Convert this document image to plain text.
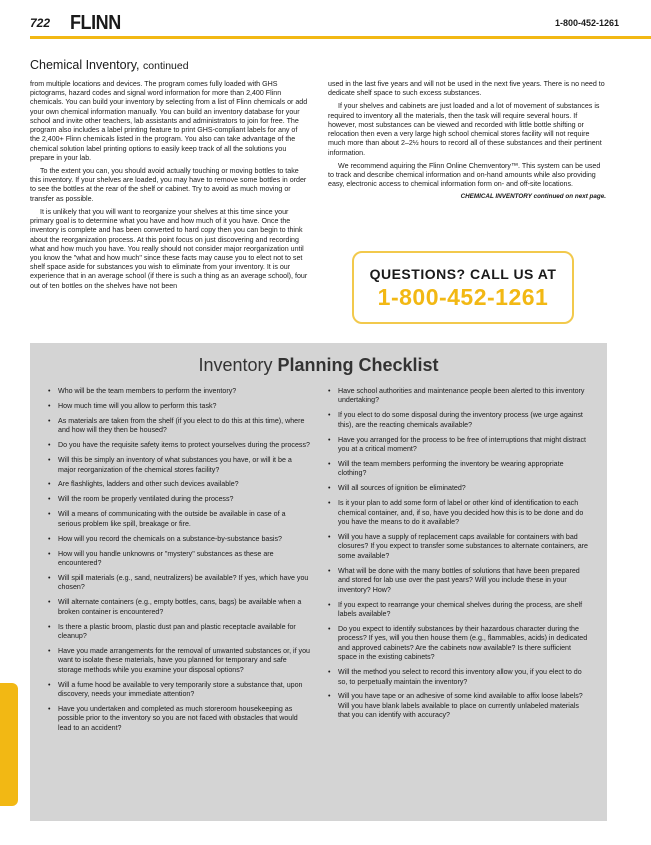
722 FLINN	1-800-452-1261
Chemical Inventory, continued

from multiple locations and devices. The program comes fully loaded with GHS pictograms, hazard codes and signal word information for more than 2,400 Flinn chemicals. You can build your inventory by selecting from a list of Flinn chemicals or add your own chemical information manually. You can build an inventory database for your school and invite other teachers, lab assistants and administrators to join for free. The program also includes a label printing feature to print GHS-compliant labels for any of the 2,400+ Flinn chemicals listed in the program. You also can take advantage of the chemical solution label printing options to easily keep track of all the solutions you prepare in your lab.

To the extent you can, you should avoid actually touching or moving bottles to take this inventory. If your shelves are loaded, you may have to remove some bottles in order to see the bottles at the rear of the shelf or cabinet. Try to avoid as much moving or transfer as possible.

It is unlikely that you will want to reorganize your shelves at this time since your primary goal is to determine what you have and how much of it you have. Once the inventory is complete and has been converted to hard copy then you can begin to think about the reorganization process. At this point focus on just discovering and recording what and how much you have. You really should not consider major reorganization until you know the "what and how much" since these facts may cause you to elect not to set shelf space aside for substances you wish to eliminate from your inventory. It is our experience that in an average school (if there is such a thing as an average school), four out of ten bottles on the shelves have not been

used in the last five years and will not be used in the next five years. There is no need to dedicate shelf space to such excess substances.

If your shelves and cabinets are just loaded and a lot of movement of substances is required to inventory all the materials, then the task will require several hours. If however, most substances can be viewed and recorded with little bottle shifting or relocation then even a very large high school chemical stores facility will not require much more than about 2–2½ hours to record all of these substances and their pertinent information.

We recommend aquiring the Flinn Online Chemventory™. This system can be used to track and describe chemical information and on-hand amounts while also providing easy, electronic access to chemical information form on- and off-site locations.

CHEMICAL INVENTORY continued on next page.
QUESTIONS? CALL US AT
1-800-452-1261
Inventory Planning Checklist
• Who will be the team members to perform the inventory?
• How much time will you allow to perform this task?
• As materials are taken from the shelf (if you elect to do this at this time), where and how will they then be housed?
• Do you have the requisite safety items to protect yourselves during the process?
• Will this be simply an inventory of what substances you have, or will it be a major reorganization of the chemical stores facility?
• Are flashlights, ladders and other such devices available?
• Will the room be properly ventilated during the process?
• Will a means of communicating with the outside be available in case of a serious problem like spill, breakage or fire.
• How will you record the chemicals on a substance-by-substance basis?
• How will you handle unknowns or "mystery" substances as these are encountered?
• Will spill materials (e.g., sand, neutralizers) be available? If yes, which have you chosen?
• Will alternate containers (e.g., empty bottles, cans, bags) be available when a broken container is encountered?
• Is there a plastic broom, plastic dust pan and plastic receptacle available for cleanup?
• Have you made arrangements for the removal of unwanted substances or, if you want to isolate these materials, have you planned for temporary and safe storage methods while you examine your disposal options?
• Will a fume hood be available to very temporarily store a substance that, upon discovery, needs your immediate attention?
• Have you undertaken and completed as much storeroom housekeeping as possible prior to the inventory so you are not faced with obstacles that would lead to an accident?
• Have school authorities and maintenance people been alerted to this inventory undertaking?
• If you elect to do some disposal during the inventory process (we urge against this), are the reacting chemicals available?
• Have you arranged for the process to be free of interruptions that might distract you at a critical moment?
• Will the team members performing the inventory be wearing appropriate clothing?
• Will all sources of ignition be eliminated?
• Is it your plan to add some form of label or other kind of identification to each chemical container, and, if so, have you decided how this is to be done and do you have the means to do it available?
• Will you have a supply of replacement caps available for containers with bad closures? If you expect to transfer some substances to alternate containers, are some available?
• What will be done with the many bottles of solutions that have been prepared and stored for lab use over the past years? Will you include these in your inventory? How?
• If you expect to rearrange your chemical shelves during the process, are shelf labels available?
• Do you expect to identify substances by their hazardous character during the process? If yes, will you then house them (e.g., flammables, acids) in dedicated and approved cabinets? Are the cabinets now available? Is there sufficient space in the existing cabinets?
• Will the method you select to record this inventory allow you, if you elect to do so, to perpetually maintain the inventory?
• Will you have tape or an adhesive of some kind available to affix loose labels? Will you have blank labels available to place on currently unlabeled materials that you can identify with accuracy?
